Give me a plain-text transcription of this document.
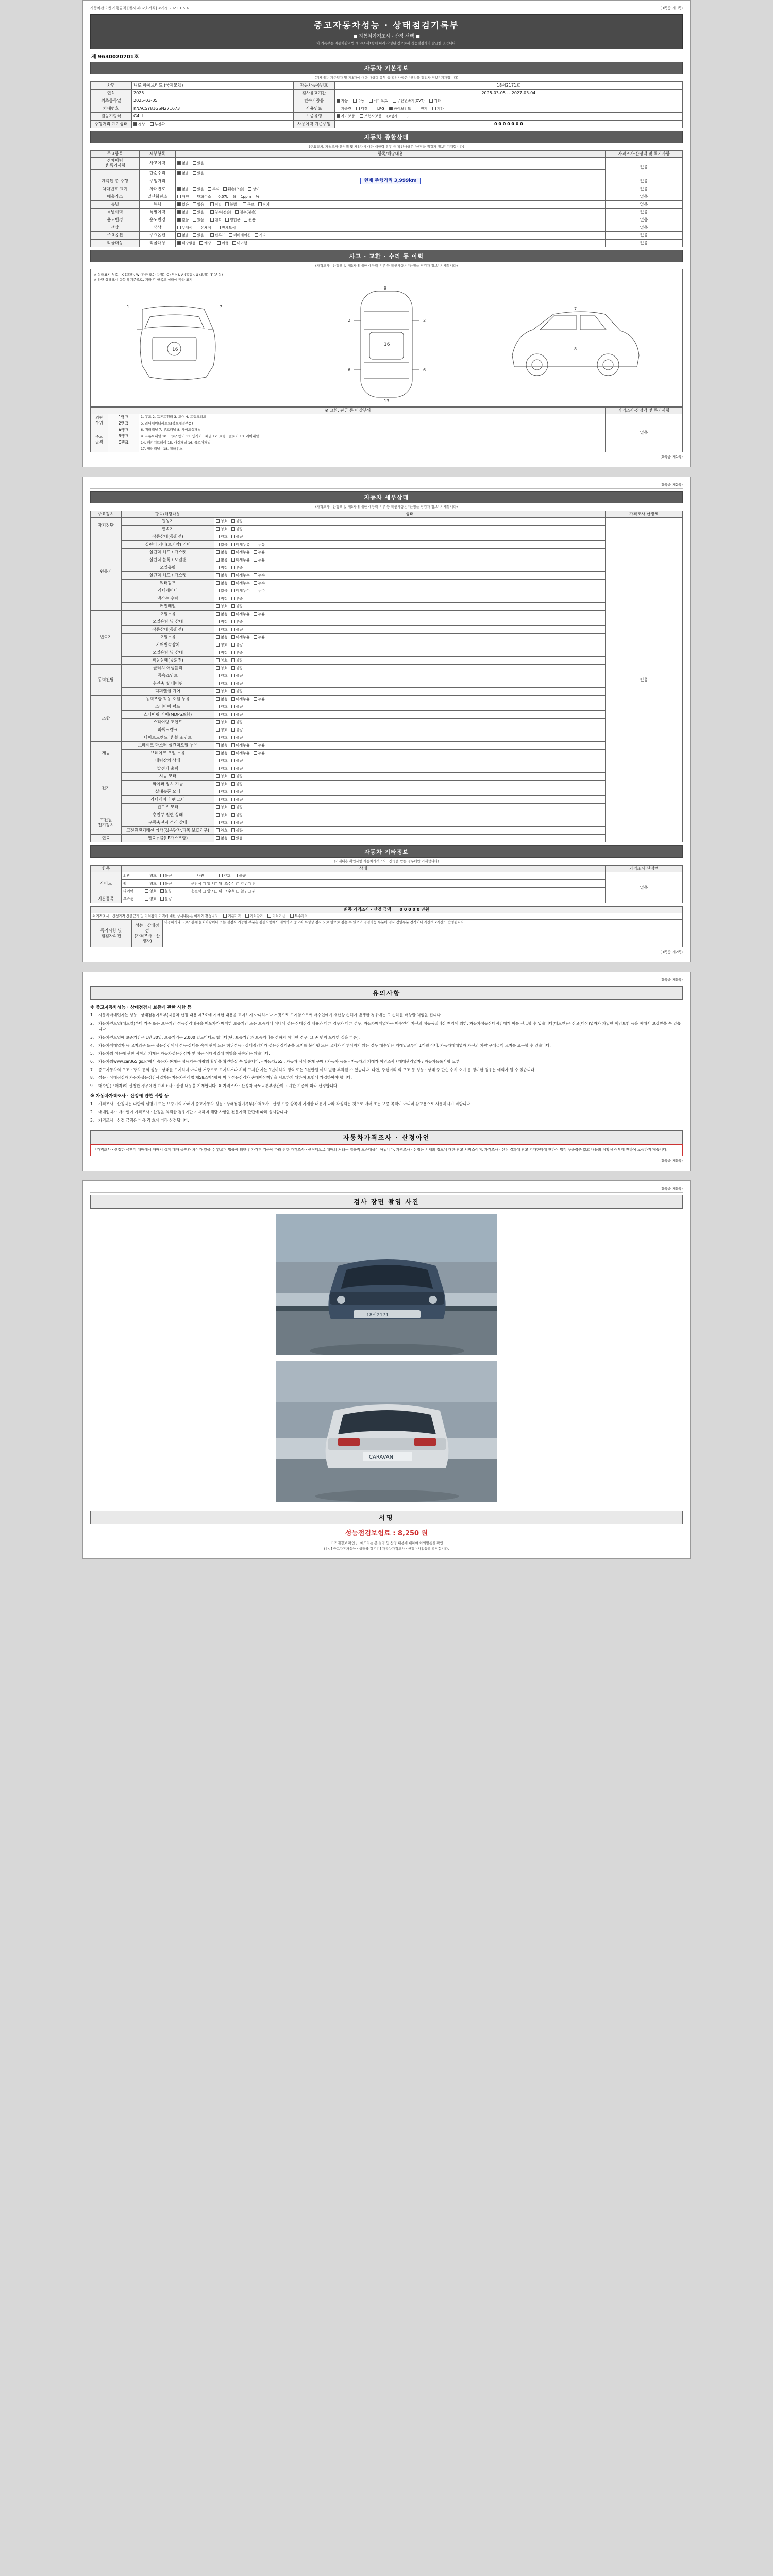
자동차관리법 시행규칙 [별지 제82호서식] <개정 2021.1.5.>	(3쪽중 제1쪽)
중고자동차성능 · 상태점검기록부
■ 자동차가격조사 · 산정 선택 ■
이 기록부는 자동차관리법 제58조제1항에 따라 작성된 것으로서 성능점검자가 발급한 것입니다.
제 9630020701호
자동차 기본정보
(기재내용 기준일자 및 제3자에 대한 대항력 유무 등 확인사항은 "산정율 점검자 정보" 기재합니다)
차명	니로 하이브리드 (국제모델)	자동차등록번호	18서2171호
연식	2025	검사유효기간	2025-03-05 ~ 2027-03-04
최초등록일	2025-03-05	변속기종류	자동 수동 세미오토 무단변속기(CVT) 기타
차대번호	KNACSY81GSN271673	사용연료	가솔린 디젤 LPG 하이브리드 전기 기타
원동기형식	G4LL	보증유형	자가보증 보험사보증 (보험사 :       )
주행거리 계기상태	정상 부정확	사용이력 기준주행	0 0 0 0 0 0 0
자동차 종합상태
(주요장치, 가격조사·산정액 및 제3자에 대한 대항력 유무 등 확인사항은 "산정율 점검자 정보" 기재합니다)
주요항목	세부항목	항목/해당내용	가격조사·산정액 및 특기사항
전체이력
및 특기사항	사고이력	없음 있음	없음
	단순수리	없음 있음	
계측된 총 주행	주행거리	현재 주행거리 3,999km	없음
차대번호 표기	차대번호	없음 있음 부식 훼손(오손) 상이	없음
배출가스	일산화탄소	매연 탄화수소   0.07L    %    1ppm    %	없음
튜닝	튜닝	없음 있음 적법 불법 구조 장치	없음
특별이력	특별이력	없음 있음 침수(전손) 침수(분손)	없음
용도변경	용도변경	없음 있음 렌트 영업용 관용	없음
색상	색상	무채색 유채색 전체도색	없음
주요옵션	주요옵션	없음 있음 썬루프 네비게이션 기타	없음
리콜대상	리콜대상	해당없음 해당 이행 미이행	없음
사고 · 교환 · 수리 등 이력
(가격조사 · 산정액 및 제3자에 대한 대항력 유무 등 확인사항은 "산정율 점검자 정보" 기재합니다)
※ 상태표시 부호 : X (교환), W (판금 또는 용접), C (부식), A (흠집), U (요철), T (손상)
※ 하단 상태표시 항목에 기준으로, 기타 각 항목도 상태에 따라 표기
16
1	7
9
13
16
2	2
6	6
7
8
※ 교환, 판금 등 이상부위			가격조사·산정액 및 특기사항
외판
부위	1랭크	1. 후드 2. 프론트휀더 3. 도어 4. 트렁크리드	없음
	2랭크	5. 라디에이터서포트(볼트체결부품)	
주요
골격	A랭크	6. 쿼터패널 7. 루프패널 8. 사이드실패널	
	B랭크	9. 프론트패널 10. 크로스멤버 11. 인사이드패널 12. 트렁크플로어 13. 리어패널	
	C랭크	14. 패키지트레이 15. 대쉬패널 16. 플로어패널	
		17. 필러패널   18. 휠하우스	
(3쪽중 제1쪽)

(3쪽중 제2쪽)
자동차 세부상태
(가격조사 · 산정액 및 제3자에 대한 대항력 유무 등 확인사항은 "산정율 점검자 정보" 기재합니다)
주요장치	항목/해당내용	상태	가격조사·산정액
자기진단	원동기	양호 불량	없음
	변속기	양호 불량	
원동기	작동상태(공회전)	양호 불량	
	실린더 커버(로커암) 커버	없음 미세누유 누유	
	실린더 헤드 / 가스켓	없음 미세누유 누유	
	실린더 블록 / 오일팬	없음 미세누유 누유	
	오일유량	적정 부족	
	실린더 헤드 / 가스켓	없음 미세누수 누수	
	워터펌프	없음 미세누수 누수	
	라디에이터	없음 미세누수 누수	
	냉각수 수량	적정 부족	
	커먼레일	양호 불량	
변속기	오일누유	없음 미세누유 누유	
	오일유량 및 상태	적정 부족	
	작동상태(공회전)	양호 불량	
	오일누유	없음 미세누유 누유	
	기어변속장치	양호 불량	
	오일유량 및 상태	적정 부족	
	작동상태(공회전)	양호 불량	
동력전달	클러치 어셈블리	양호 불량	
	등속죠인트	양호 불량	
	추진축 및 베어링	양호 불량	
	디퍼렌셜 기어	양호 불량	
조향	동력조향 작동 오일 누유	없음 미세누유 누유	
	스티어링 펌프	양호 불량	
	스티어링 기어(MDPS포함)	양호 불량	
	스티어링 조인트	양호 불량	
	파워크랭크	양호 불량	
	타이로드엔드 및 볼 조인트	양호 불량	
제동	브레이크 마스터 실린더오일 누유	없음 미세누유 누유	
	브레이크 오일 누유	없음 미세누유 누유	
	배력장치 상태	양호 불량	
전기	발전기 출력	양호 불량	
	시동 모터	양호 불량	
	와이퍼 장치 기능	양호 불량	
	실내송풍 모터	양호 불량	
	라디에이터 팬 모터	양호 불량	
	윈도우 모터	양호 불량	
고전원
전기장치	충전구 절연 상태	양호 불량	
	구동축전지 격리 상태	양호 불량	
	고전원전기배선 상태(접속단자,피복,보호기구)	양호 불량	
연료	연료누출(LP가스포함)	없음 있음	
자동차 기타정보
(기재내용 확인사항 자동차가격조사 · 산정을 받는 경우에만 기재합니다)
항목	상태	가격조사·산정액
사이드	외관 양호 불량 내관 양호 불량	없음
	휠 양호 불량 운전석 □ 앞 / □ 뒤  조수석 □ 앞 / □ 뒤	
	타이어 양호 불량 운전석 □ 앞 / □ 뒤  조수석 □ 앞 / □ 뒤	
기본품목	부속품 양호 불량	
최종 가격조사 · 산정 금액 0 0 0 0 0 만원
※ 가격조사 · 산정가격 산출근거 및 가치감가 가격에 대한 상세내용은 아래와 같습니다.	기본가격	가치감가	가치가산	특수가격
특기사항 및
점검자의견	성능 · 상태점검
(가격조사 · 산정자)	비공하거나 크로스분에 물회차량이나 또는 점검자 기능한 부분은 검검시행에서 제외하며 중고자 특성상 검사 도로 밖으로 검은 수 있으며 검검가능 부분에 검사 정밀부분 견적이나 시간적 2시간도 반영됩니다.
(3쪽중 제2쪽)

(3쪽중 제3쪽)
유의사항
※ 중고자동차성능 · 상태점검자 보증에 관한 사항 등
1.	자동차매매업자는 성능 · 상태점검기록부(자동차 산정 내용 제3호에 기재한 내용을 고지하지 아니하거나 거짓으로 고지함으로써 매수인에게 재산상 손해가 발생한 경우에는 그 손해를 배상할 책임을 집니다.
2.	자동차인도일(매도일)부터 거주 또는 보유기간 성능점검내용을 매도자가 매매한 보증기간 또는 보증거래 이내에 성능·상태점검 내용과 다른 경우가 다른 경우, 자동차매매업자는 매수인이 자신의 성능품질배상 책임에 의한, 자동차성능상태점검에게 이를 신고할 수 있습니다(매도인)은 신고(대상)업자가 가입한 책임보험 등을 통해서 보상받을 수 있습니다.
3.	자동차인도일에 보증기간은 1년 30일, 보증거리는 2,000 킬로미터로 합니다(단, 보증기간과 보증거리를 정하지 아니한 경우, 그 중 먼저 도래한 것을 따름).
4.	자동차매매업자 등 고지의무 또는 성능점검에서 성능·상태를 속여 판매 또는 허위성능 · 상태점검지가 성능점검기준을 고지를 불이행 또는 고지가 이루어지지 않은 경우 매수인은 거래일로부터 1개월 이내, 자동차매매업자 자신의 차량 구매금액 고지를 요구할 수 있습니다.
5.	자동차의 성능에 관한 사항의 기재는 자동차성능점검자 및 성능·상태점검에 책임을 귀속되는 않습니다.
6.	자동차의www.car365.go.kr에서 승용차 통계는 성능기준·차량의 확인을 확인하실 수 있습니다. - 자동차365 : 자동차 심에 통계 구매 / 자동차 등록 - 자동차의 거래가 이력조사 / 매매관리업자 / 자동차등록사항 교부
7.	중고자동차의 구조 · 장치 등의 성능 · 상태를 고지하지 아니한 거주으로 고지하거나 허위 고지한 자는 1년이하의 징역 또는 1천만원 이하 벌금 부과될 수 있습니다. 다만, 주행거리 외 구조 등 성능 · 상태 중 단순 수치 오기 등 경미한 경우는 예외가 될 수 있습니다.
8.	성능 · 상태점검자 자동차성능점검사업자는 자동차관리법 제58조제4항에 따라 성능점검자 손해배상책임을 담보하기 위하여 보험에 가입하여야 합니다.
9.	매수인(구매자)이 신청한 경우에만 가격조사 · 산정 내용을 기재합니다. ※ 가격조사 · 산정자 국토교통부장관이 고시한 기준에 따라 산정합니다.
※ 자동차가격조사 · 산정에 관한 사항 등
1.	가격조사 · 산정자는 다만의 설명기 또는 보증기의 아래에 중고자동차 성능 · 상태점검기록부(가격조사 · 산정 보증 항목에 기재한 내용에 따라 작성되는 것으로 매매 또는 보증 목적이 아니며 참고용으로 사용하시기 바랍니다.
2.	매매업자가 매수인이 가격조사 · 산정을 의뢰한 경우에만 기재하며 해당 사항을 전문가적 판단에 따라 실시합니다.
3.	가격조사 · 산정 금액은 다음 각 호에 따라 산정됩니다.
자동차가격조사 · 산정아언
「가격조사 · 산정한 금액이 매매에서 매매시 실제 매매 금액과 차이가 있을 수 있으며 법률에 의한 감가가격 기준에 따라 취한 가격조사 · 산정액으로 매매의 거래는 법률적 보증대상이 아닙니다. 가격조사 · 산정은 시세의 정보에 대한 참고 서비스이며, 가격조사 · 산정 결과에 참고 기재한바에 관하여 법적 구속력은 없고 내용의 정확성 여부에 관하여 보증하지 않습니다.
(3쪽중 제3쪽)

(3쪽중 제3쪽)
검사 장면 촬영 사진
18서2171
CARAVAN
서명
성능점검보험료 : 8,250 원
『 기재정보 확인 』 매도자는 본 점검 및 산정 내용에 대하여 이의없음을 확인
( [ㅇ] 중고자동차성능 · 상태를 검은 [ ] 자동차가격조사 · 산정 ) 사업등록 확인합니다.
